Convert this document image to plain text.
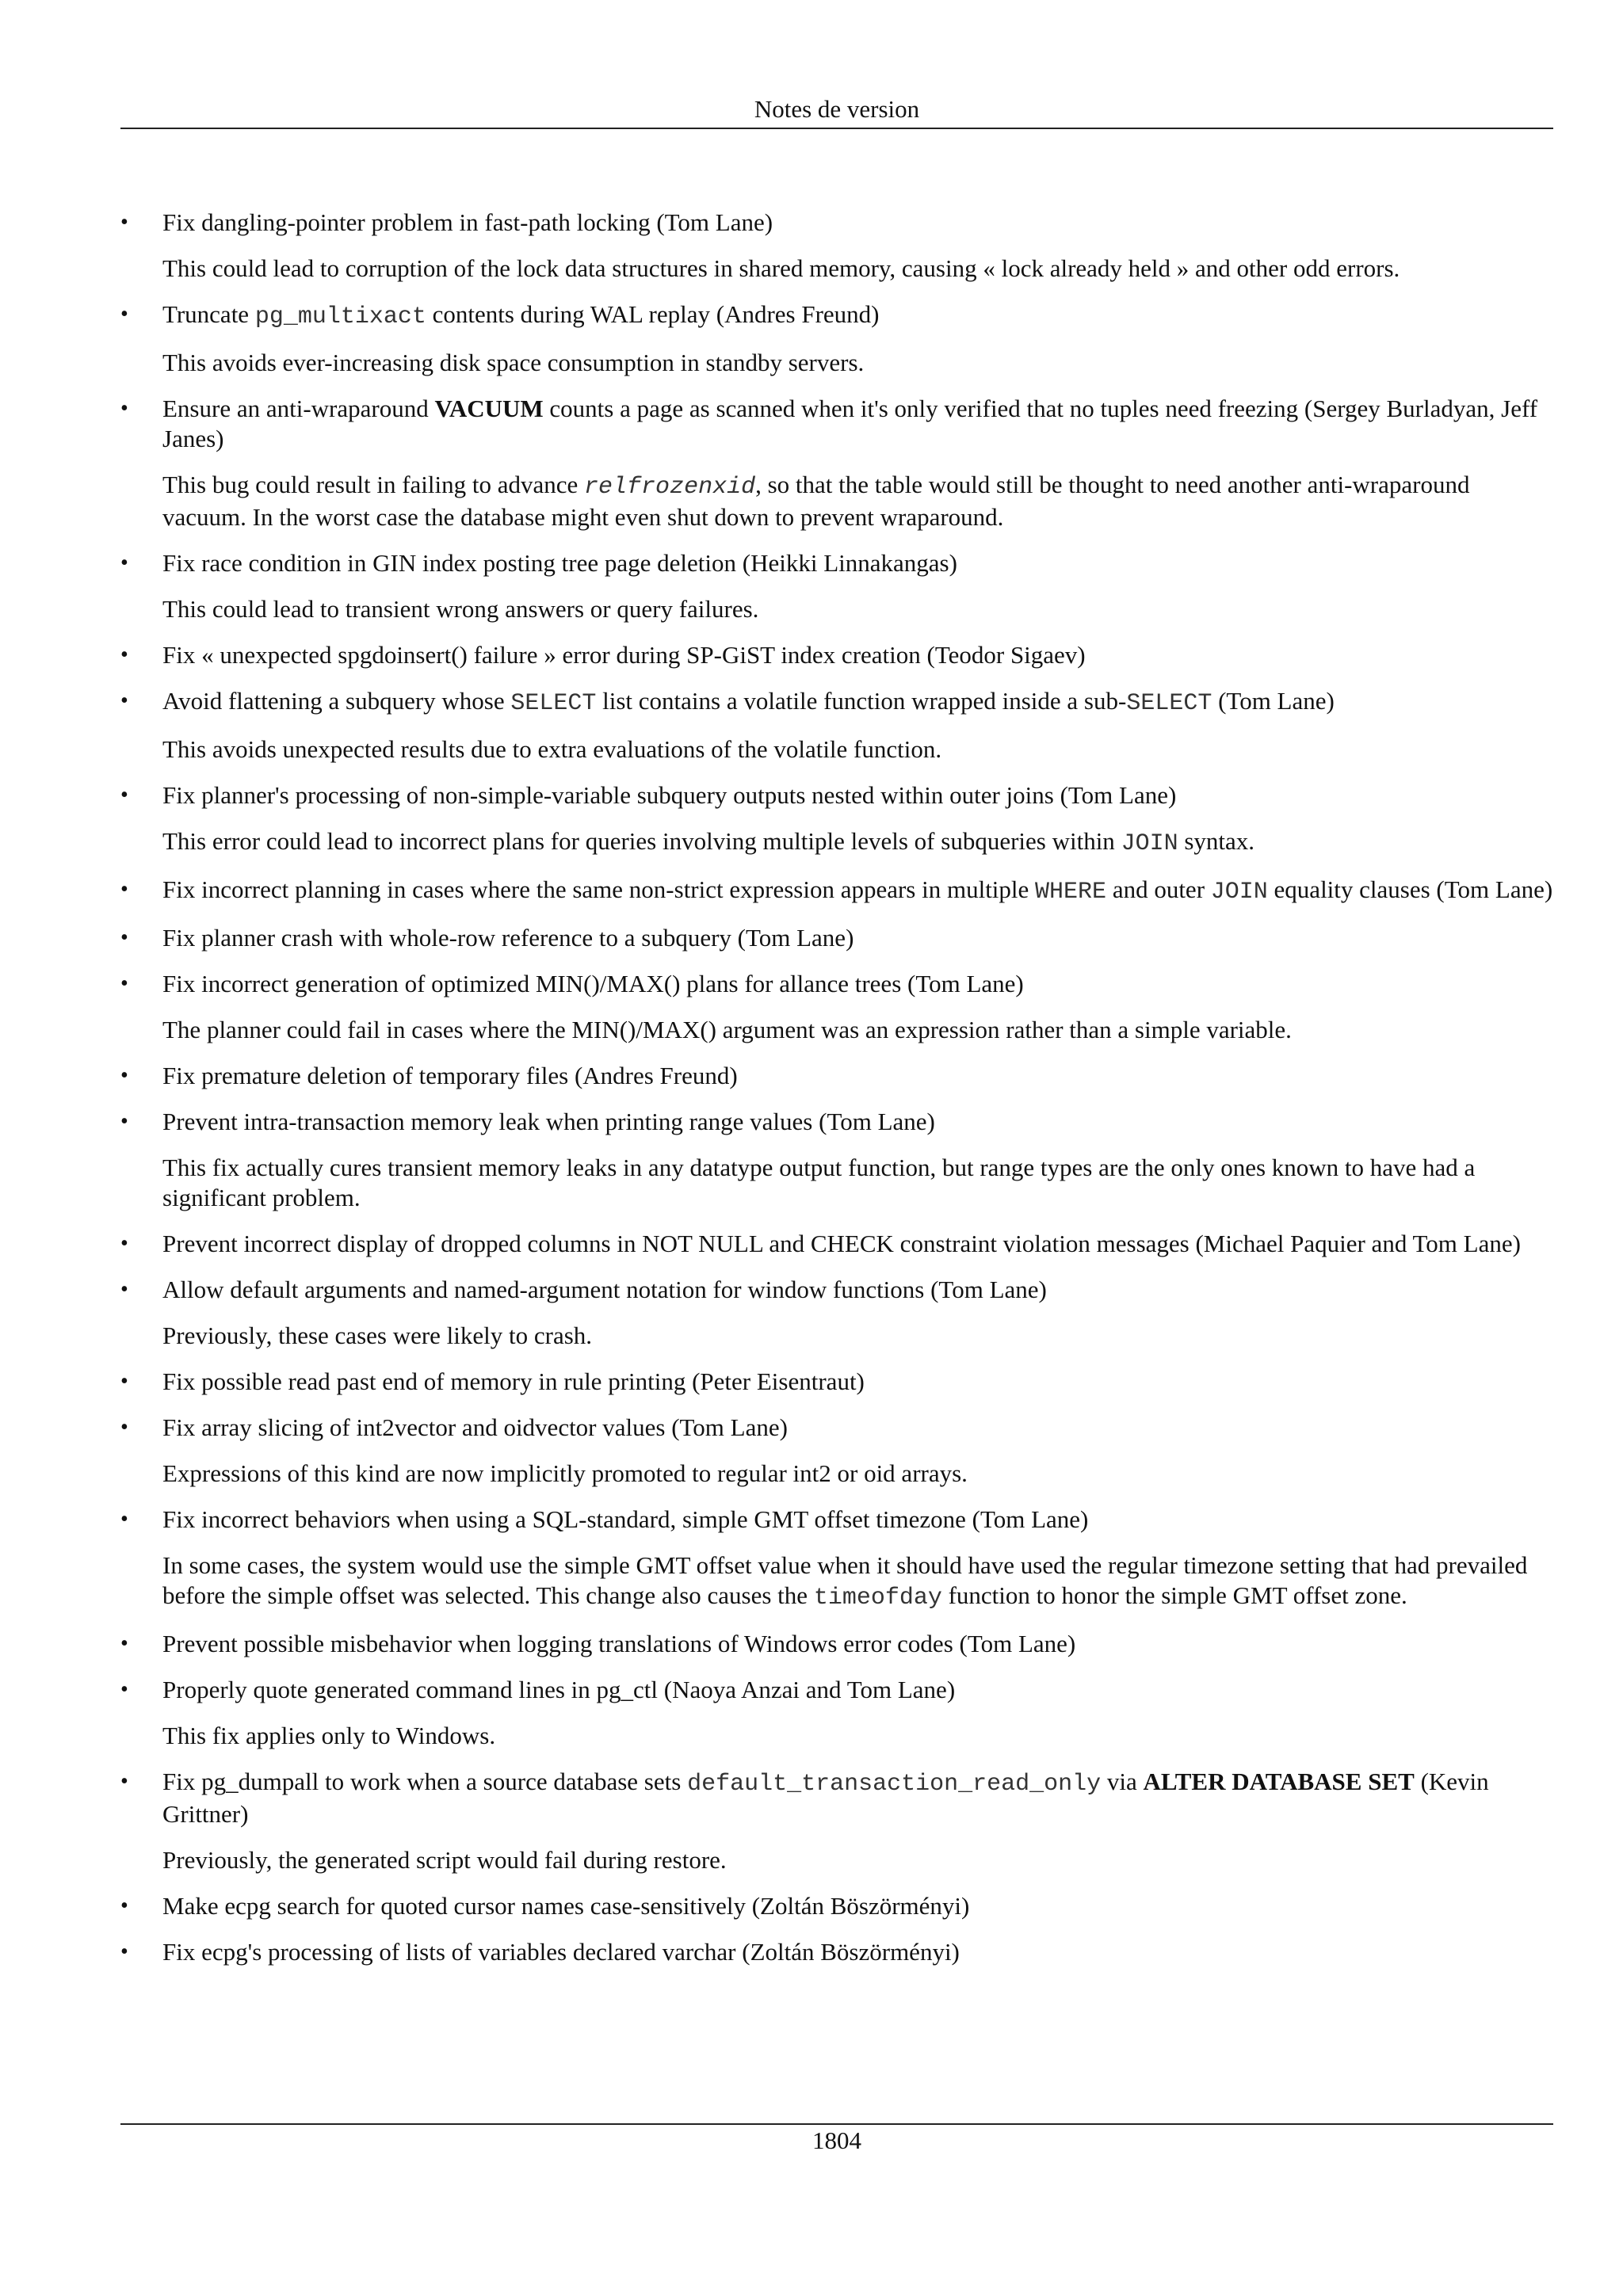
Notes de version
• Fix dangling-pointer problem in fast-path locking (Tom Lane)
This could lead to corruption of the lock data structures in shared memory, causing « lock already held » and other odd errors.
• Truncate pg_multixact contents during WAL replay (Andres Freund)
This avoids ever-increasing disk space consumption in standby servers.
• Ensure an anti-wraparound VACUUM counts a page as scanned when it's only verified that no tuples need freezing (Sergey Burladyan, Jeff Janes)
This bug could result in failing to advance relfrozenxid, so that the table would still be thought to need another anti-wraparound vacuum. In the worst case the database might even shut down to prevent wraparound.
• Fix race condition in GIN index posting tree page deletion (Heikki Linnakangas)
This could lead to transient wrong answers or query failures.
• Fix « unexpected spgdoinsert() failure » error during SP-GiST index creation (Teodor Sigaev)
• Avoid flattening a subquery whose SELECT list contains a volatile function wrapped inside a sub-SELECT (Tom Lane)
This avoids unexpected results due to extra evaluations of the volatile function.
• Fix planner's processing of non-simple-variable subquery outputs nested within outer joins (Tom Lane)
This error could lead to incorrect plans for queries involving multiple levels of subqueries within JOIN syntax.
• Fix incorrect planning in cases where the same non-strict expression appears in multiple WHERE and outer JOIN equality clauses (Tom Lane)
• Fix planner crash with whole-row reference to a subquery (Tom Lane)
• Fix incorrect generation of optimized MIN()/MAX() plans for allance trees (Tom Lane)
The planner could fail in cases where the MIN()/MAX() argument was an expression rather than a simple variable.
• Fix premature deletion of temporary files (Andres Freund)
• Prevent intra-transaction memory leak when printing range values (Tom Lane)
This fix actually cures transient memory leaks in any datatype output function, but range types are the only ones known to have had a significant problem.
• Prevent incorrect display of dropped columns in NOT NULL and CHECK constraint violation messages (Michael Paquier and Tom Lane)
• Allow default arguments and named-argument notation for window functions (Tom Lane)
Previously, these cases were likely to crash.
• Fix possible read past end of memory in rule printing (Peter Eisentraut)
• Fix array slicing of int2vector and oidvector values (Tom Lane)
Expressions of this kind are now implicitly promoted to regular int2 or oid arrays.
• Fix incorrect behaviors when using a SQL-standard, simple GMT offset timezone (Tom Lane)
In some cases, the system would use the simple GMT offset value when it should have used the regular timezone setting that had prevailed before the simple offset was selected. This change also causes the timeofday function to honor the simple GMT offset zone.
• Prevent possible misbehavior when logging translations of Windows error codes (Tom Lane)
• Properly quote generated command lines in pg_ctl (Naoya Anzai and Tom Lane)
This fix applies only to Windows.
• Fix pg_dumpall to work when a source database sets default_transaction_read_only via ALTER DATABASE SET (Kevin Grittner)
Previously, the generated script would fail during restore.
• Make ecpg search for quoted cursor names case-sensitively (Zoltán Böszörményi)
• Fix ecpg's processing of lists of variables declared varchar (Zoltán Böszörményi)
1804
